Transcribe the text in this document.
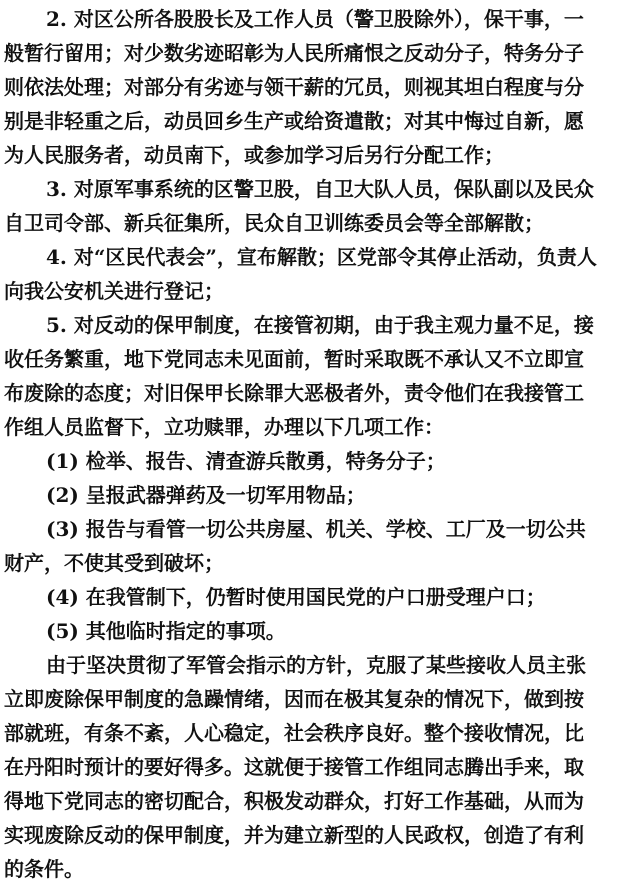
2. 对区公所各股股长及工作人员（警卫股除外），保干事，一
般暂行留用；对少数劣迹昭彰为人民所痛恨之反动分子，特务分子
则依法处理；对部分有劣迹与领干薪的冗员，则视其坦白程度与分
别是非轻重之后，动员回乡生产或给资遣散；对其中悔过自新，愿
为人民服务者，动员南下，或参加学习后另行分配工作；
3. 对原军事系统的区警卫股，自卫大队人员，保队副以及民众
自卫司令部、新兵征集所，民众自卫训练委员会等全部解散；
4. 对“区民代表会”，宣布解散；区党部令其停止活动，负责人
向我公安机关进行登记；
5. 对反动的保甲制度，在接管初期，由于我主观力量不足，接
收任务繁重，地下党同志未见面前，暂时采取既不承认又不立即宣
布废除的态度；对旧保甲长除罪大恶极者外，责令他们在我接管工
作组人员监督下，立功赎罪，办理以下几项工作：
(1) 检举、报告、清查游兵散勇，特务分子；
(2) 呈报武器弹药及一切军用物品；
(3) 报告与看管一切公共房屋、机关、学校、工厂及一切公共
财产，不使其受到破坏；
(4) 在我管制下，仍暂时使用国民党的户口册受理户口；
(5) 其他临时指定的事项。
由于坚决贯彻了军管会指示的方针，克服了某些接收人员主张
立即废除保甲制度的急躁情绪，因而在极其复杂的情况下，做到按
部就班，有条不紊，人心稳定，社会秩序良好。整个接收情况，比
在丹阳时预计的要好得多。这就便于接管工作组同志腾出手来，取
得地下党同志的密切配合，积极发动群众，打好工作基础，从而为
实现废除反动的保甲制度，并为建立新型的人民政权，创造了有利
的条件。
